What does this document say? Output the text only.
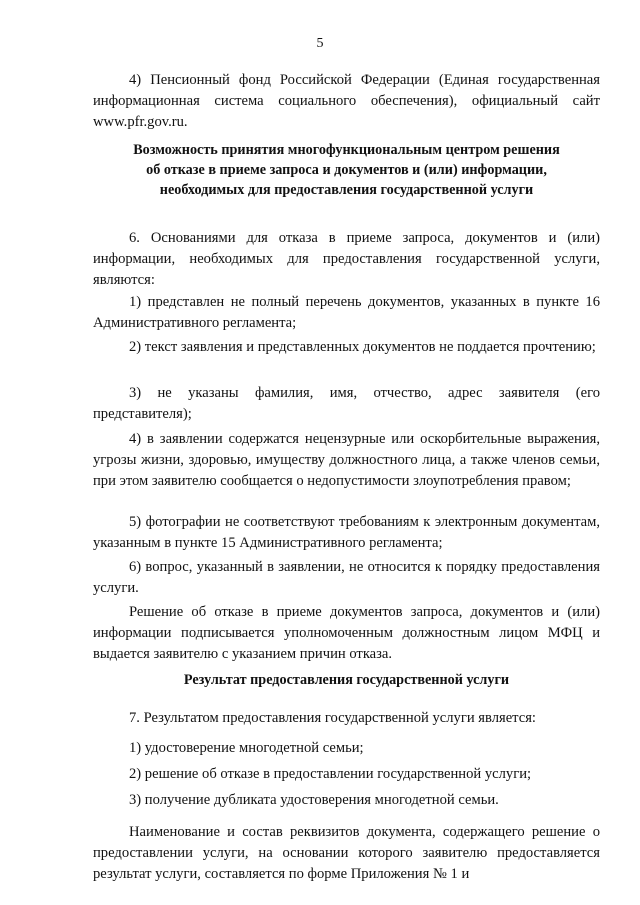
5

4) Пенсионный фонд Российской Федерации (Единая государственная информационная система социального обеспечения), официальный сайт www.pfr.gov.ru.

Возможность принятия многофункциональным центром решения об отказе в приеме запроса и документов и (или) информации, необходимых для предоставления государственной услуги

6. Основаниями для отказа в приеме запроса, документов и (или) информации, необходимых для предоставления государственной услуги, являются:

1) представлен не полный перечень документов, указанных в пункте 16 Административного регламента;

2) текст заявления и представленных документов не поддается прочтению;

3) не указаны фамилия, имя, отчество, адрес заявителя (его представителя);

4) в заявлении содержатся нецензурные или оскорбительные выражения, угрозы жизни, здоровью, имуществу должностного лица, а также членов семьи, при этом заявителю сообщается о недопустимости злоупотребления правом;

5) фотографии не соответствуют требованиям к электронным документам, указанным в пункте 15 Административного регламента;

6) вопрос, указанный в заявлении, не относится к порядку предоставления услуги.

Решение об отказе в приеме документов запроса, документов и (или) информации подписывается уполномоченным должностным лицом МФЦ и выдается заявителю с указанием причин отказа.

Результат предоставления государственной услуги

7. Результатом предоставления государственной услуги является:

1) удостоверение многодетной семьи;

2) решение об отказе в предоставлении государственной услуги;

3) получение дубликата удостоверения многодетной семьи.

Наименование и состав реквизитов документа, содержащего решение о предоставлении услуги, на основании которого заявителю предоставляется результат услуги, составляется по форме Приложения № 1 и
